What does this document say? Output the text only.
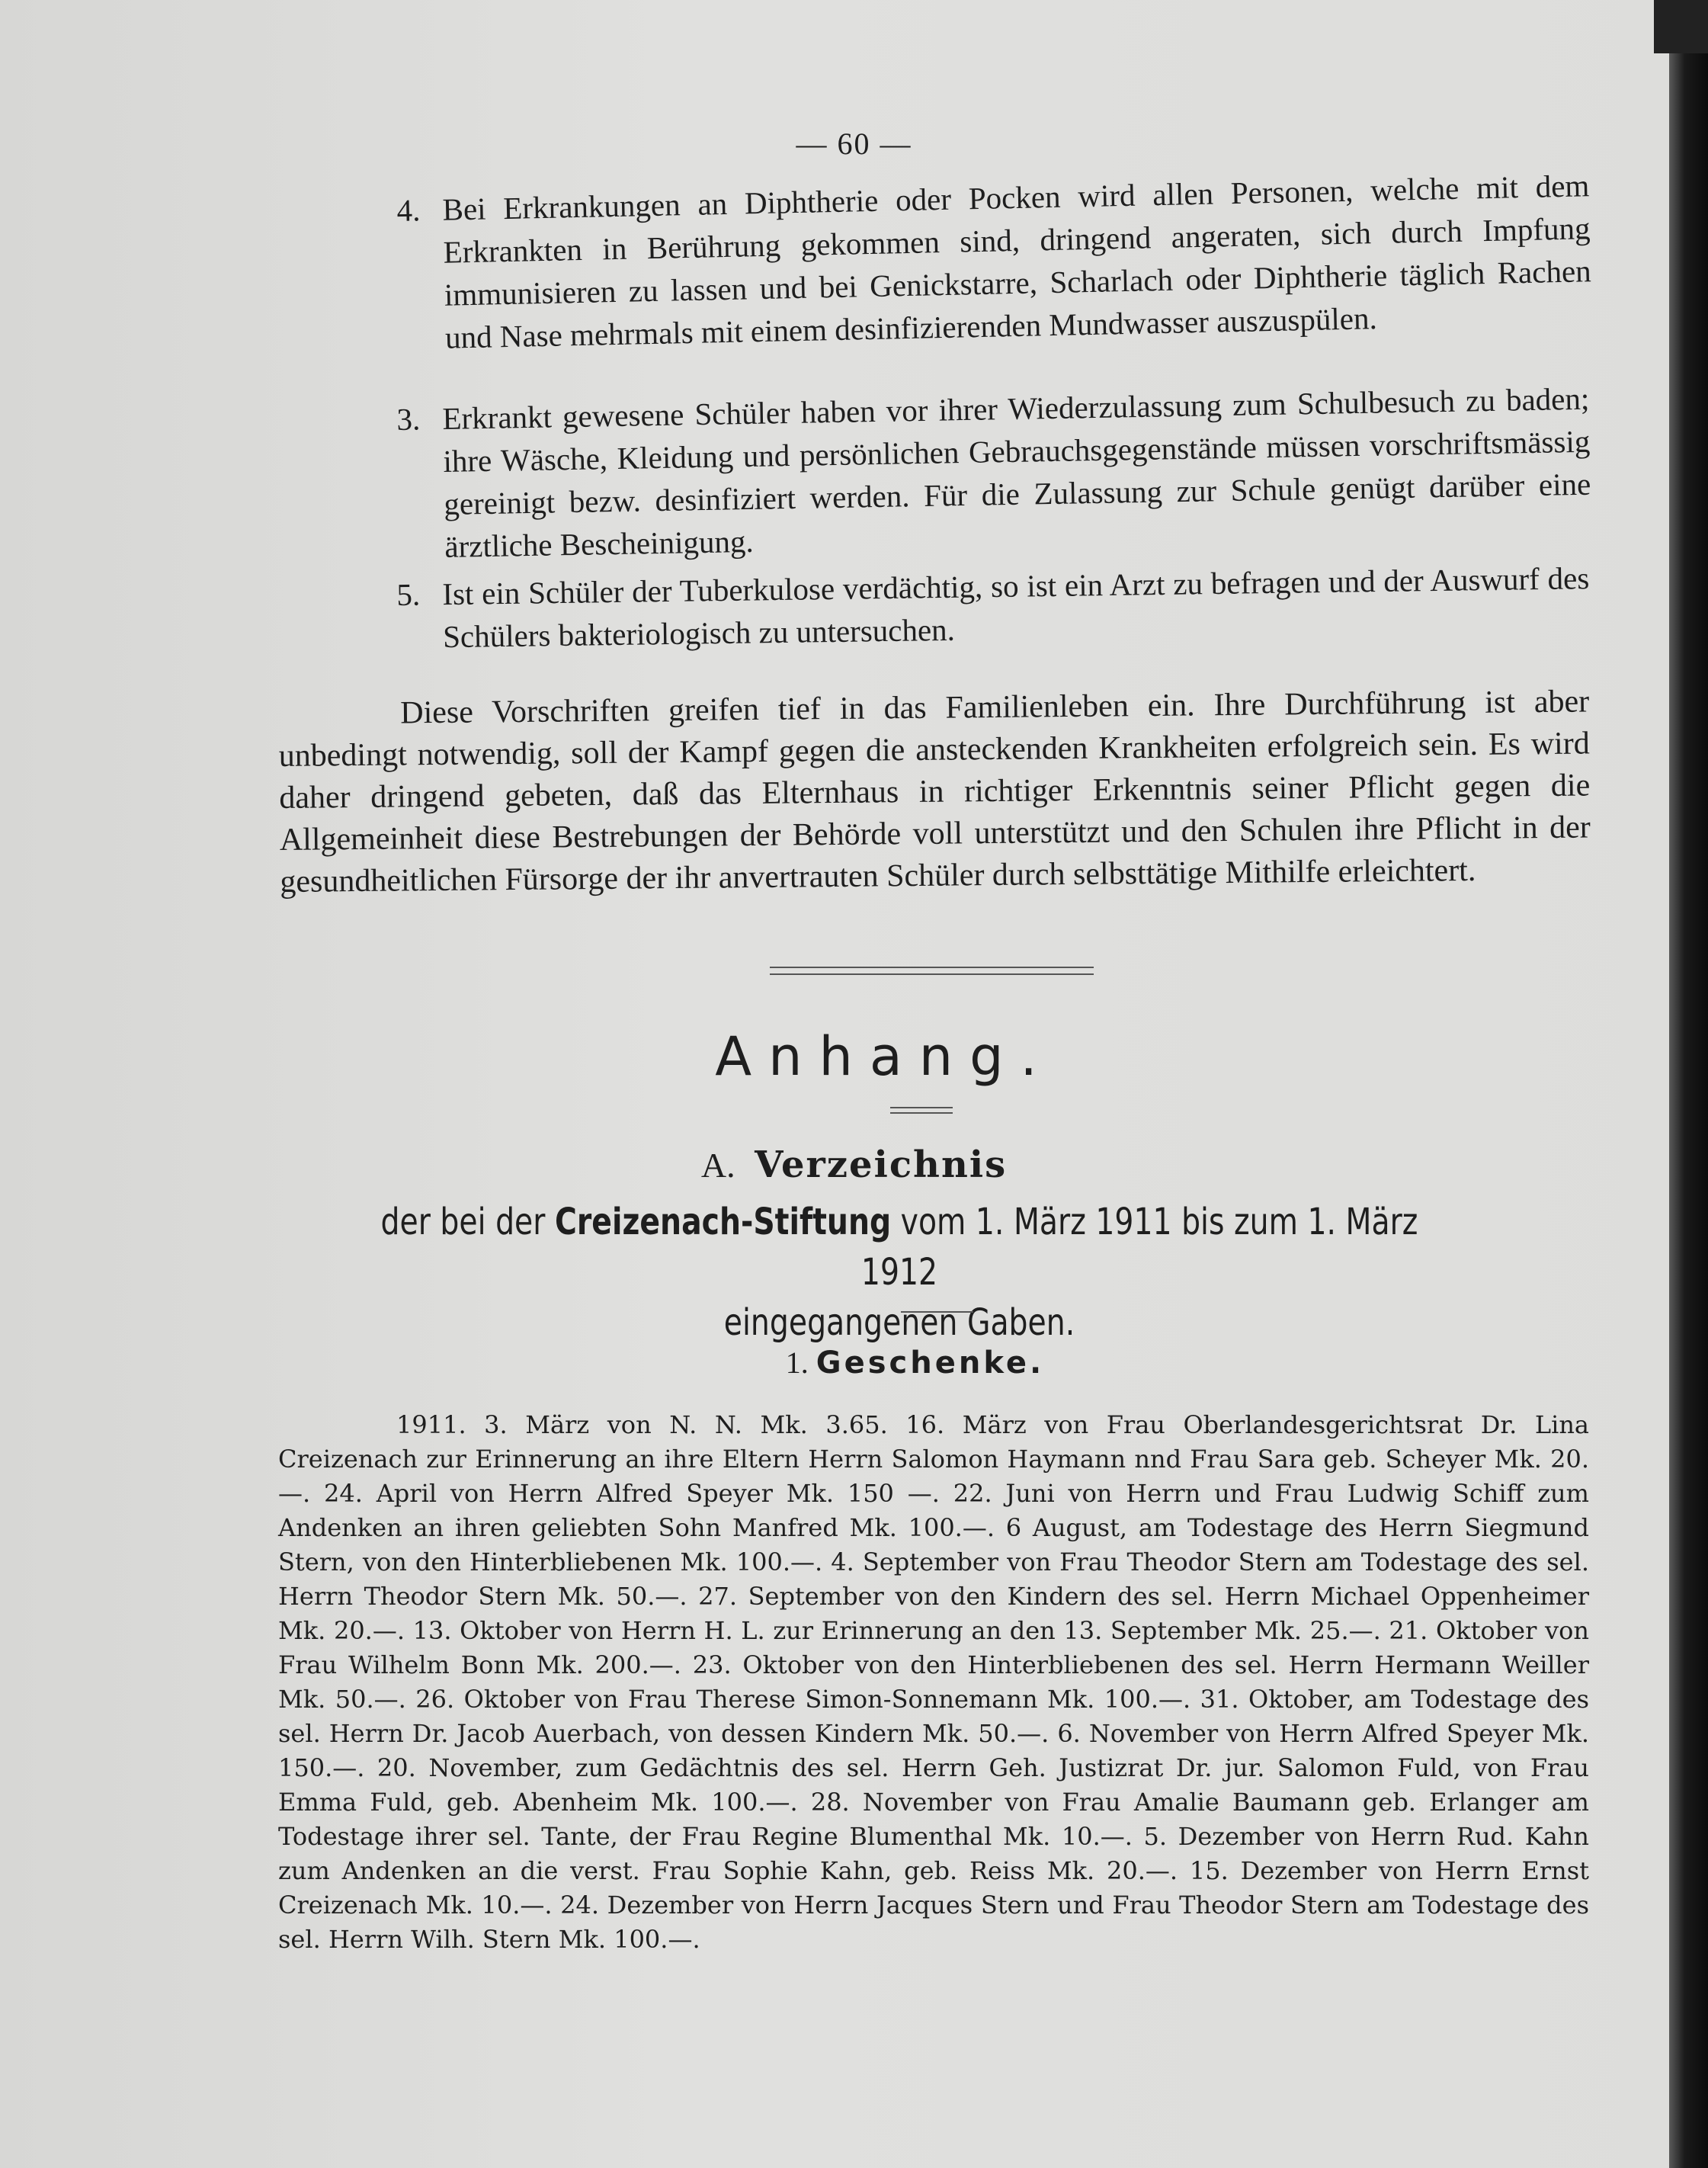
— 60 —
4. Bei Erkrankungen an Diphtherie oder Pocken wird allen Personen, welche mit dem Erkrankten in Berührung gekommen sind, dringend angeraten, sich durch Impfung immunisieren zu lassen und bei Genickstarre, Scharlach oder Diphtherie täglich Rachen und Nase mehrmals mit einem desinfizierenden Mundwasser auszuspülen.
3. Erkrankt gewesene Schüler haben vor ihrer Wiederzulassung zum Schulbesuch zu baden; ihre Wäsche, Kleidung und persönlichen Gebrauchsgegenstände müssen vorschriftsmässig gereinigt bezw. desinfiziert werden. Für die Zulassung zur Schule genügt darüber eine ärztliche Bescheinigung.
5. Ist ein Schüler der Tuberkulose verdächtig, so ist ein Arzt zu befragen und der Auswurf des Schülers bakteriologisch zu untersuchen.

Diese Vorschriften greifen tief in das Familienleben ein. Ihre Durchführung ist aber unbedingt notwendig, soll der Kampf gegen die ansteckenden Krankheiten erfolgreich sein. Es wird daher dringend gebeten, daß das Elternhaus in richtiger Erkenntnis seiner Pflicht gegen die Allgemeinheit diese Bestrebungen der Behörde voll unterstützt und den Schulen ihre Pflicht in der gesundheitlichen Fürsorge der ihr anvertrauten Schüler durch selbsttätige Mithilfe erleichtert.

Anhang.
A. Verzeichnis
der bei der Creizenach-Stiftung vom 1. März 1911 bis zum 1. März 1912
eingegangenen Gaben.
1. Geschenke.

1911. 3. März von N. N. Mk. 3.65. 16. März von Frau Oberlandesgerichtsrat Dr. Lina Creizenach zur Erinnerung an ihre Eltern Herrn Salomon Haymann nnd Frau Sara geb. Scheyer Mk. 20.—. 24. April von Herrn Alfred Speyer Mk. 150 —. 22. Juni von Herrn und Frau Ludwig Schiff zum Andenken an ihren geliebten Sohn Manfred Mk. 100.—. 6 August, am Todestage des Herrn Siegmund Stern, von den Hinterbliebenen Mk. 100.—. 4. September von Frau Theodor Stern am Todestage des sel. Herrn Theodor Stern Mk. 50.—. 27. September von den Kindern des sel. Herrn Michael Oppenheimer Mk. 20.—. 13. Oktober von Herrn H. L. zur Erinnerung an den 13. September Mk. 25.—. 21. Oktober von Frau Wilhelm Bonn Mk. 200.—. 23. Oktober von den Hinterbliebenen des sel. Herrn Hermann Weiller Mk. 50.—. 26. Oktober von Frau Therese Simon-Sonnemann Mk. 100.—. 31. Oktober, am Todestage des sel. Herrn Dr. Jacob Auerbach, von dessen Kindern Mk. 50.—. 6. November von Herrn Alfred Speyer Mk. 150.—. 20. November, zum Gedächtnis des sel. Herrn Geh. Justizrat Dr. jur. Salomon Fuld, von Frau Emma Fuld, geb. Abenheim Mk. 100.—. 28. November von Frau Amalie Baumann geb. Erlanger am Todestage ihrer sel. Tante, der Frau Regine Blumenthal Mk. 10.—. 5. Dezember von Herrn Rud. Kahn zum Andenken an die verst. Frau Sophie Kahn, geb. Reiss Mk. 20.—. 15. Dezember von Herrn Ernst Creizenach Mk. 10.—. 24. Dezember von Herrn Jacques Stern und Frau Theodor Stern am Todestage des sel. Herrn Wilh. Stern Mk. 100.—.
